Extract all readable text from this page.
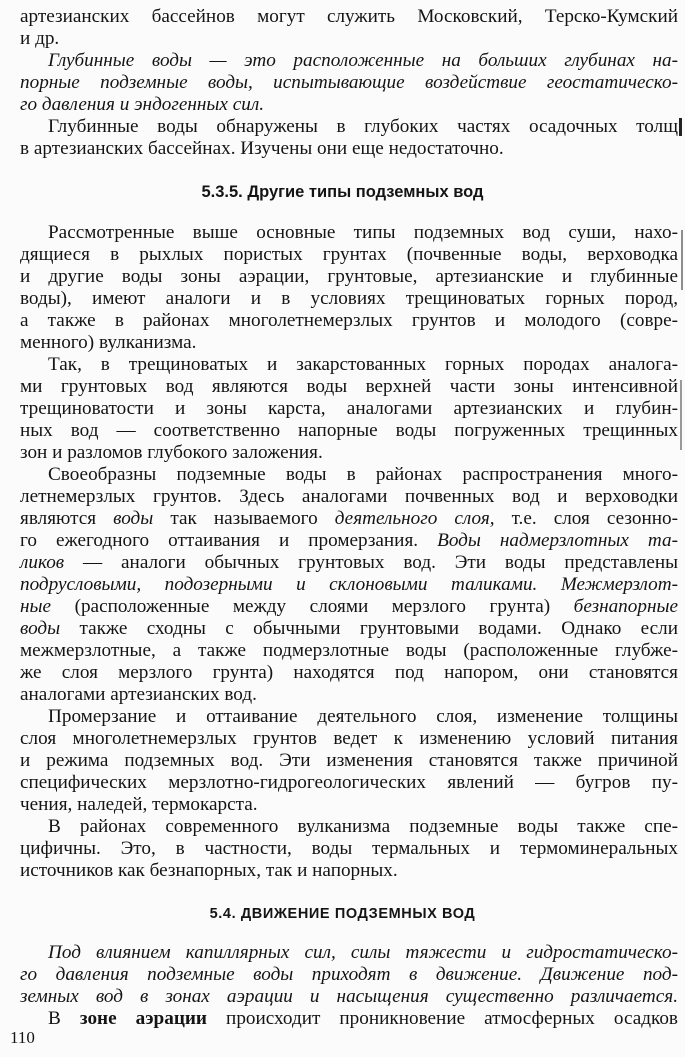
артезианских бассейнов могут служить Московский, Терско-Кумский

и др.

Глубинные воды — это расположенные на больших глубинах на-

порные подземные воды, испытывающие воздействие геостатическо-

го давления и эндогенных сил.

Глубинные воды обнаружены в глубоких частях осадочных толщ

в артезианских бассейнах. Изучены они еще недостаточно.

5.3.5. Другие типы подземных вод

Рассмотренные выше основные типы подземных вод суши, нахо-

дящиеся в рыхлых пористых грунтах (почвенные воды, верховодка

и другие воды зоны аэрации, грунтовые, артезианские и глубинные

воды), имеют аналоги и в условиях трещиноватых горных пород,

а также в районах многолетнемерзлых грунтов и молодого (совре-

менного) вулканизма.

Так, в трещиноватых и закарстованных горных породах аналога-

ми грунтовых вод являются воды верхней части зоны интенсивной

трещиноватости и зоны карста, аналогами артезианских и глубин-

ных вод — соответственно напорные воды погруженных трещинных

зон и разломов глубокого заложения.

Своеобразны подземные воды в районах распространения много-

летнемерзлых грунтов. Здесь аналогами почвенных вод и верховодки

являются воды так называемого деятельного слоя, т.е. слоя сезонно-

го ежегодного оттаивания и промерзания. Воды надмерзлотных та-

ликов — аналоги обычных грунтовых вод. Эти воды представлены

подрусловыми, подозерными и склоновыми таликами. Межмерзлот-

ные (расположенные между слоями мерзлого грунта) безнапорные

воды также сходны с обычными грунтовыми водами. Однако если

межмерзлотные, а также подмерзлотные воды (расположенные глубже-

же слоя мерзлого грунта) находятся под напором, они становятся

аналогами артезианских вод.

Промерзание и оттаивание деятельного слоя, изменение толщины

слоя многолетнемерзлых грунтов ведет к изменению условий питания

и режима подземных вод. Эти изменения становятся также причиной

специфических мерзлотно-гидрогеологических явлений — бугров пу-

чения, наледей, термокарста.

В районах современного вулканизма подземные воды также спе-

цифичны. Это, в частности, воды термальных и термоминеральных

источников как безнапорных, так и напорных.

5.4. ДВИЖЕНИЕ ПОДЗЕМНЫХ ВОД

Под влиянием капиллярных сил, силы тяжести и гидростатическо-

го давления подземные воды приходят в движение. Движение под-

земных вод в зонах аэрации и насыщения существенно различается.

В зоне аэрации происходит проникновение атмосферных осадков

110
